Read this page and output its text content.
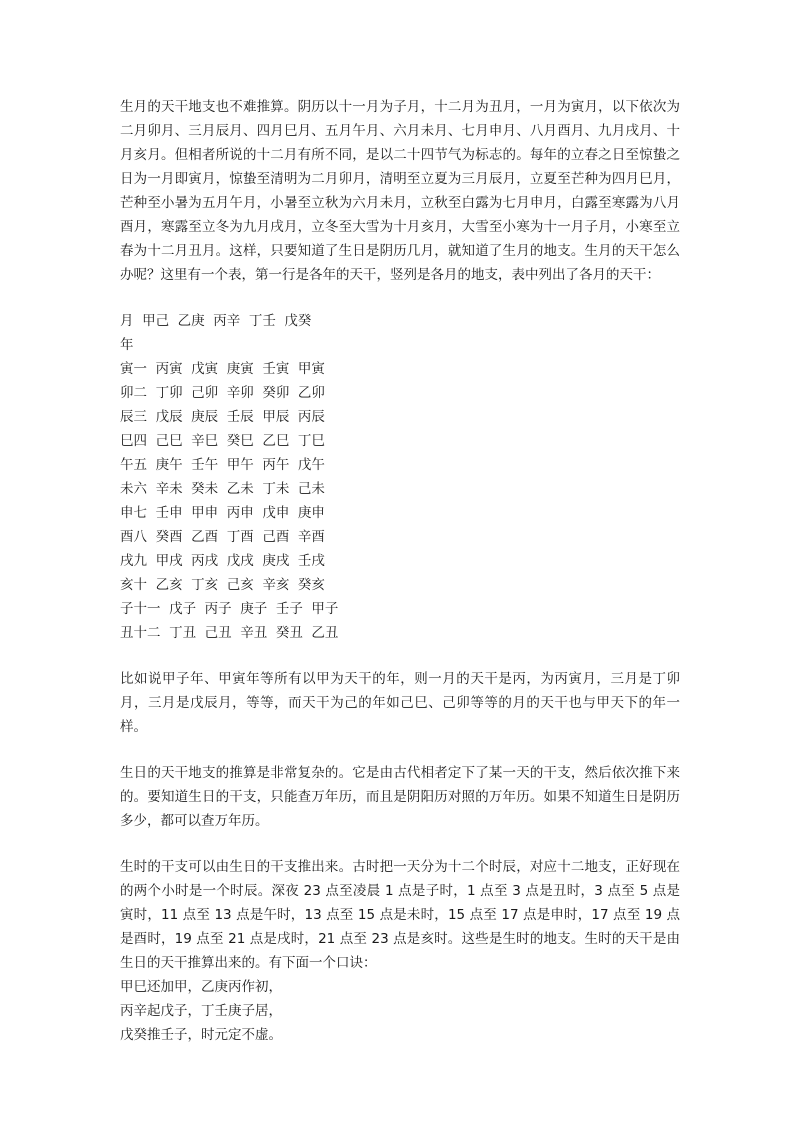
生月的天干地支也不难推算。阴历以十一月为子月，十二月为丑月，一月为寅月，以下依次为二月卯月、三月辰月、四月巳月、五月午月、六月未月、七月申月、八月酉月、九月戌月、十月亥月。但相者所说的十二月有所不同，是以二十四节气为标志的。每年的立春之日至惊蛰之日为一月即寅月，惊蛰至清明为二月卯月，清明至立夏为三月辰月，立夏至芒种为四月巳月，芒种至小暑为五月午月，小暑至立秋为六月未月，立秋至白露为七月申月，白露至寒露为八月酉月，寒露至立冬为九月戌月，立冬至大雪为十月亥月，大雪至小寒为十一月子月，小寒至立春为十二月丑月。这样，只要知道了生日是阴历几月，就知道了生月的地支。生月的天干怎么办呢？这里有一个表，第一行是各年的天干，竖列是各月的地支，表中列出了各月的天干：

月  甲己  乙庚  丙辛  丁壬  戊癸
年
寅一  丙寅  戊寅  庚寅  壬寅  甲寅
卯二  丁卯  己卯  辛卯  癸卯  乙卯
辰三  戊辰  庚辰  壬辰  甲辰  丙辰
巳四  己巳  辛巳  癸巳  乙巳  丁巳
午五  庚午  壬午  甲午  丙午  戊午
未六  辛未  癸未  乙未  丁未  己未
申七  壬申  甲申  丙申  戊申  庚申
酉八  癸酉  乙酉  丁酉  己酉  辛酉
戌九  甲戌  丙戌  戊戌  庚戌  壬戌
亥十  乙亥  丁亥  己亥  辛亥  癸亥
子十一  戊子  丙子  庚子  壬子  甲子
丑十二  丁丑  己丑  辛丑  癸丑  乙丑

比如说甲子年、甲寅年等所有以甲为天干的年，则一月的天干是丙，为丙寅月，三月是丁卯月，三月是戊辰月，等等，而天干为己的年如己巳、己卯等等的月的天干也与甲天下的年一样。

生日的天干地支的推算是非常复杂的。它是由古代相者定下了某一天的干支，然后依次推下来的。要知道生日的干支，只能查万年历，而且是阴阳历对照的万年历。如果不知道生日是阴历多少，都可以查万年历。

生时的干支可以由生日的干支推出来。古时把一天分为十二个时辰，对应十二地支，正好现在的两个小时是一个时辰。深夜 23 点至凌晨 1 点是子时，1 点至 3 点是丑时，3 点至 5 点是寅时，11 点至 13 点是午时，13 点至 15 点是未时，15 点至 17 点是申时，17 点至 19 点是酉时，19 点至 21 点是戌时，21 点至 23 点是亥时。这些是生时的地支。生时的天干是由生日的天干推算出来的。有下面一个口诀：

甲巳还加甲，乙庚丙作初，

丙辛起戊子，丁壬庚子居，

戊癸推壬子，时元定不虚。
